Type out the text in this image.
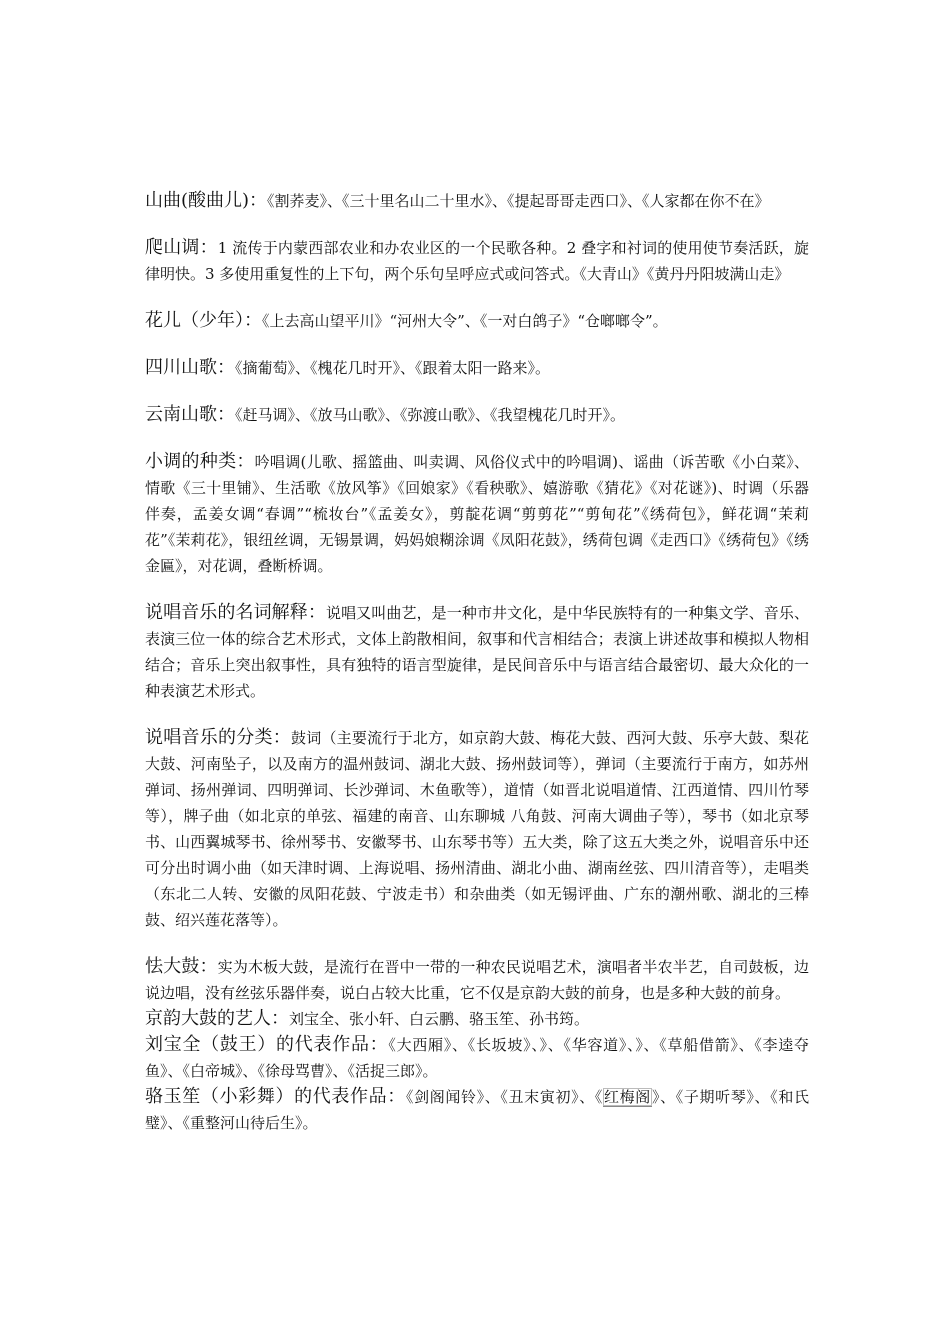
山曲(酸曲儿)：《割荞麦》、《三十里名山二十里水》、《提起哥哥走西口》、《人家都在你不在》

爬山调：1 流传于内蒙西部农业和办农业区的一个民歌各种。2 叠字和衬词的使用使节奏活跃，旋律明快。3 多使用重复性的上下句，两个乐句呈呼应式或问答式。《大青山》《黄丹丹阳坡满山走》

花儿（少年）：《上去高山望平川》“河州大令”、《一对白鸽子》“仓啷啷令”。

四川山歌：《摘葡萄》、《槐花几时开》、《跟着太阳一路来》。

云南山歌：《赶马调》、《放马山歌》、《弥渡山歌》、《我望槐花几时开》。

小调的种类：吟唱调(儿歌、摇篮曲、叫卖调、风俗仪式中的吟唱调)、谣曲（诉苦歌《小白菜》、情歌《三十里铺》、生活歌《放风筝》《回娘家》《看秧歌》、嬉游歌《猜花》《对花谜》)、时调（乐器伴奏，孟姜女调“春调”“梳妆台”《孟姜女》，剪靛花调“剪剪花”“剪甸花”《绣荷包》，鲜花调“茉莉花”《茉莉花》，银纽丝调，无锡景调，妈妈娘糊涂调《凤阳花鼓》，绣荷包调《走西口》《绣荷包》《绣金匾》，对花调，叠断桥调。

说唱音乐的名词解释：说唱又叫曲艺，是一种市井文化，是中华民族特有的一种集文学、音乐、表演三位一体的综合艺术形式，文体上韵散相间，叙事和代言相结合；表演上讲述故事和模拟人物相结合；音乐上突出叙事性，具有独特的语言型旋律，是民间音乐中与语言结合最密切、最大众化的一种表演艺术形式。

说唱音乐的分类：鼓词（主要流行于北方，如京韵大鼓、梅花大鼓、西河大鼓、乐亭大鼓、梨花大鼓、河南坠子，以及南方的温州鼓词、湖北大鼓、扬州鼓词等），弹词（主要流行于南方，如苏州弹词、扬州弹词、四明弹词、长沙弹词、木鱼歌等），道情（如晋北说唱道情、江西道情、四川竹琴等），牌子曲（如北京的单弦、福建的南音、山东聊城 八角鼓、河南大调曲子等），琴书（如北京琴书、山西翼城琴书、徐州琴书、安徽琴书、山东琴书等）五大类，除了这五大类之外，说唱音乐中还可分出时调小曲（如天津时调、上海说唱、扬州清曲、湖北小曲、湖南丝弦、四川清音等），走唱类（东北二人转、安徽的凤阳花鼓、宁波走书）和杂曲类（如无锡评曲、广东的潮州歌、湖北的三棒鼓、绍兴莲花落等）。

怯大鼓：实为木板大鼓，是流行在晋中一带的一种农民说唱艺术，演唱者半农半艺，自司鼓板，边说边唱，没有丝弦乐器伴奏，说白占较大比重，它不仅是京韵大鼓的前身，也是多种大鼓的前身。

京韵大鼓的艺人：刘宝全、张小轩、白云鹏、骆玉笙、孙书筠。

刘宝全（鼓王）的代表作品：《大西厢》、《长坂坡》、》、《华容道》、》、《草船借箭》、《李逵夺鱼》、《白帝城》、《徐母骂曹》、《活捉三郎》。

骆玉笙（小彩舞）的代表作品：《剑阁闻铃》、《丑末寅初》、《红梅阁》、《子期听琴》、《和氏璧》、《重整河山待后生》。
